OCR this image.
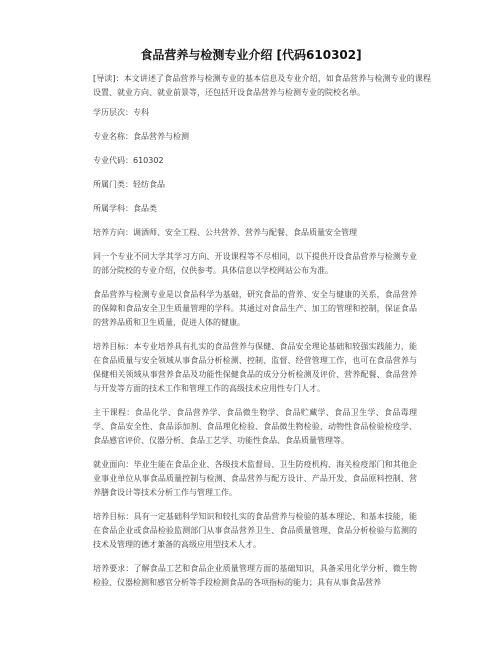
食品营养与检测专业介绍 [代码610302]
[导读]：本文讲述了食品营养与检测专业的基本信息及专业介绍，如食品营养与检测专业的课程设置、就业方向、就业前景等，还包括开设食品营养与检测专业的院校名单。
学历层次：专科
专业名称：食品营养与检测
专业代码：610302
所属门类：轻纺食品
所属学科：食品类
培养方向：调酒师、安全工程、公共营养、营养与配餐、食品质量安全管理
同一个专业不同大学其学习方向、开设课程等不尽相同，以下提供开设食品营养与检测专业的部分院校的专业介绍，仅供参考。具体信息以学校网站公布为准。
食品营养与检测专业是以食品科学为基础，研究食品的营养、安全与健康的关系，食品营养的保障和食品安全卫生质量管理的学科。其通过对食品生产、加工的管理和控制，保证食品的营养品质和卫生质量，促进人体的健康。
培养目标：本专业培养具有扎实的食品营养与保健、食品安全理论基础和较强实践能力，能在食品质量与安全领域从事食品分析检测、控制、监督、经营管理工作，也可在食品营养与保健相关领域从事营养食品及功能性保健食品的成分分析检测及评价、营养配餐、食品营养与开发等方面的技术工作和管理工作的高级技术应用性专门人才。
主干课程：食品化学、食品营养学、食品微生物学、食品贮藏学、食品卫生学、食品毒理学、食品安全性、食品添加剂、食品理化检验、食品微生物检验、动物性食品检验检疫学、食品感官评价、仪器分析、食品工艺学、功能性食品、食品质量管理等。
就业面向：毕业生能在食品企业、各级技术监督局、卫生防疫机构、海关检疫部门和其他企业事业单位从事食品质量控制与检测、食品营养与配方设计、产品开发、食品原料控制、营养膳食设计等技术分析工作与管理工作。
培养目标：具有一定基础科学知识和较扎实的食品营养与检验的基本理论、和基本技能，能在食品企业或食品检验监测部门从事食品营养卫生、食品质量管理、食品分析检验与监测的技术及管理的德才兼备的高级应用型技术人才。
培养要求：了解食品工艺和食品企业质量管理方面的基础知识，具备采用化学分析、微生物检验、仪器检测和感官分析等手段检测食品的各项指标的能力；具有从事食品营养
